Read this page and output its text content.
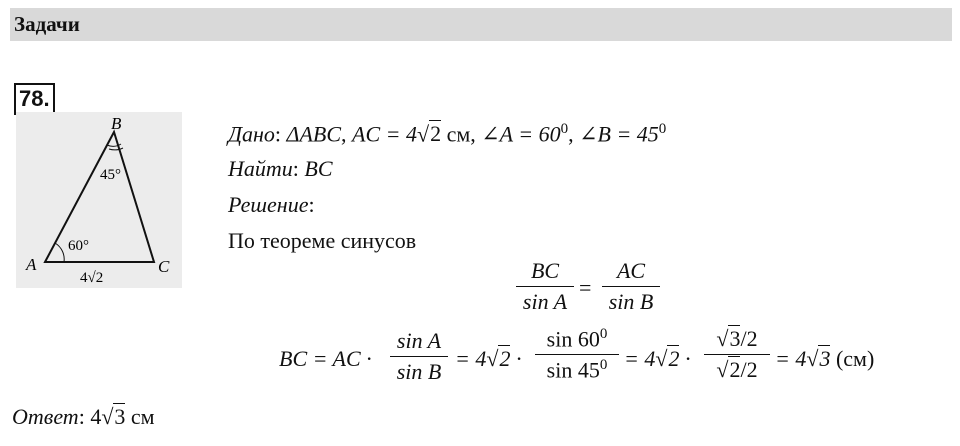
Задачи
78.
B
A	C
45°
60°
4√2
Дано: ΔABC, AC = 4√2 см, ∠A = $60^0$, ∠B = $45^0$
Найти: BC
Решение:
По теореме синусов
BC
sin A
=
AC
sin B
BC = AC ·
sin A
sin B
= 4√2 ·
$\sin 60^0$
$\sin 45^0 = 4√2$ ·
√3/2
√2/2 = 4√3 (см)
Ответ: 4√3 см
